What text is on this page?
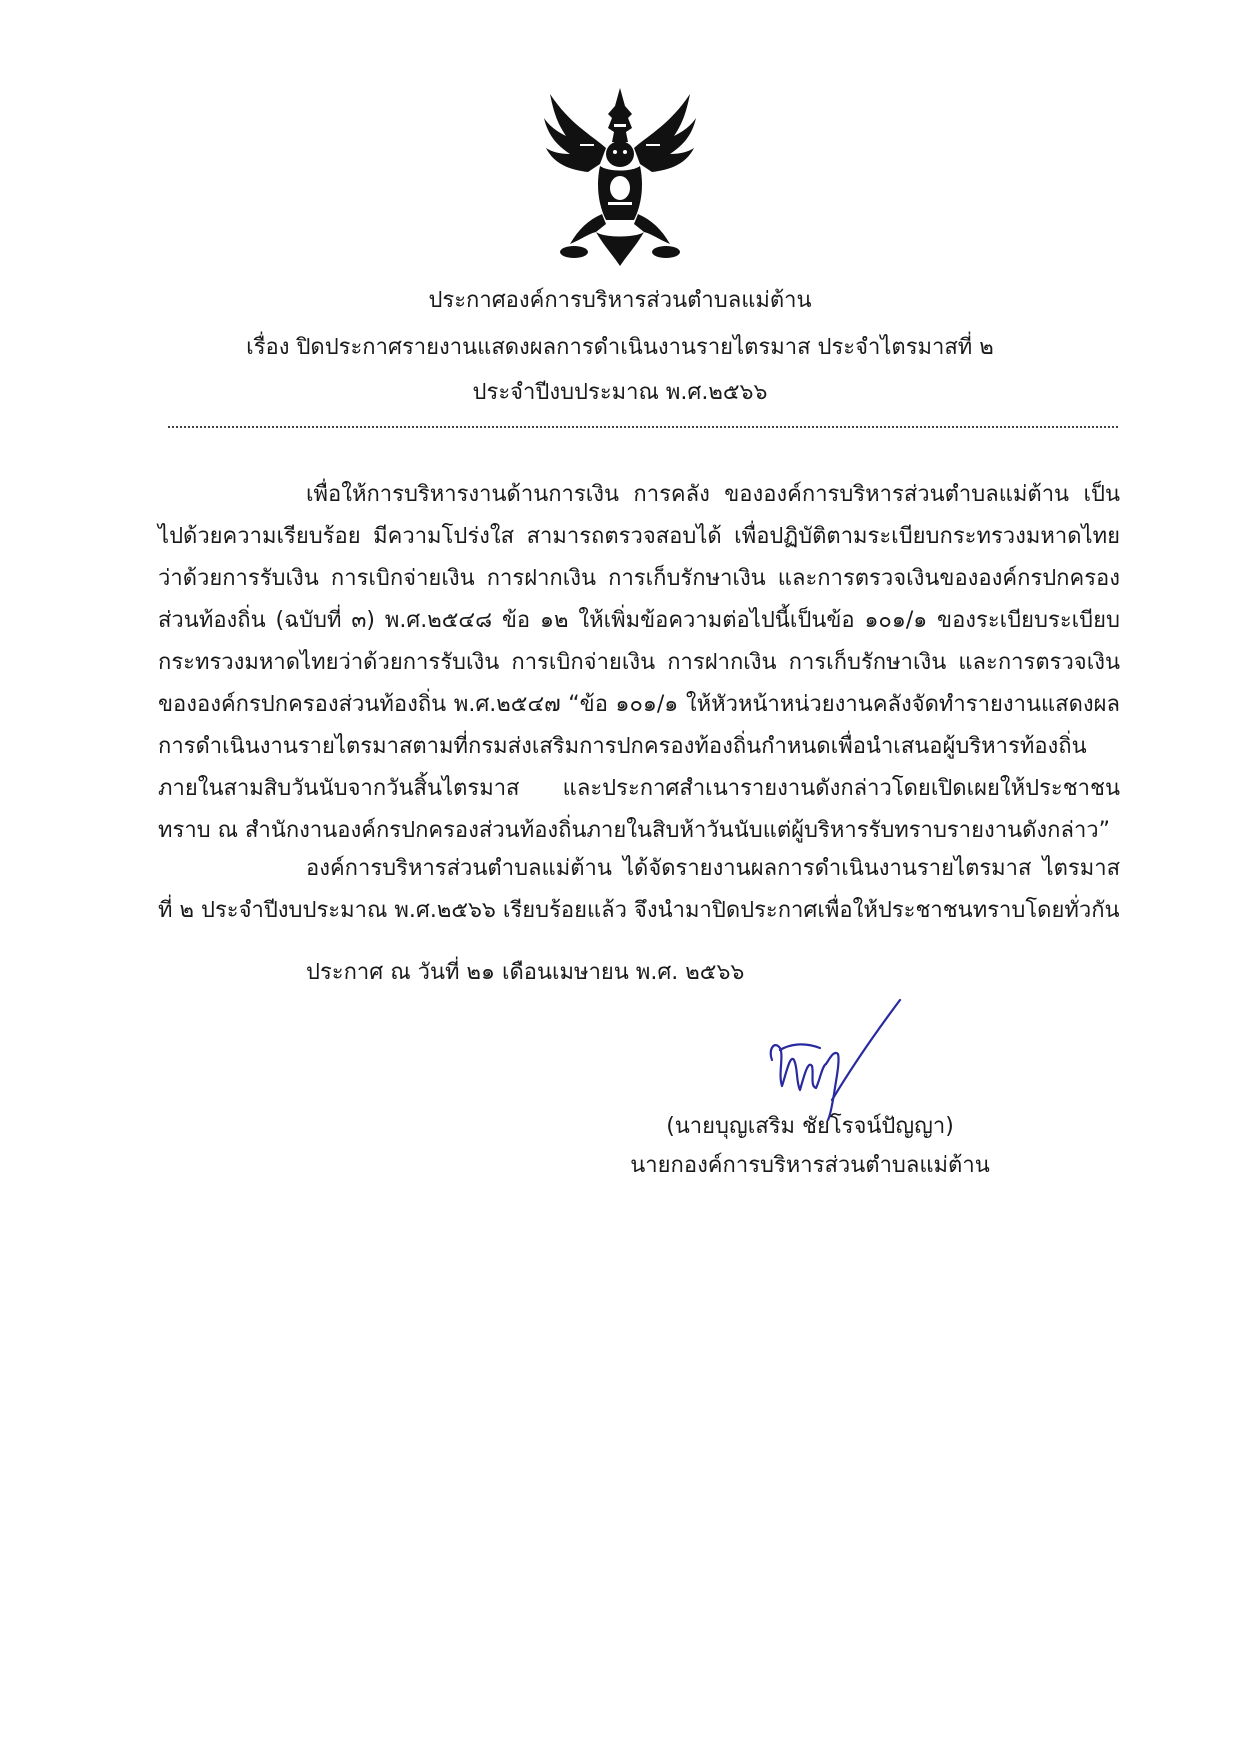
ประกาศองค์การบริหารส่วนตำบลแม่ต้าน
เรื่อง ปิดประกาศรายงานแสดงผลการดำเนินงานรายไตรมาส ประจำไตรมาสที่ ๒
ประจำปีงบประมาณ พ.ศ.๒๕๖๖

เพื่อให้การบริหารงานด้านการเงิน การคลัง ขององค์การบริหารส่วนตำบลแม่ต้าน เป็นไปด้วยความเรียบร้อย มีความโปร่งใส สามารถตรวจสอบได้ เพื่อปฏิบัติตามระเบียบกระทรวงมหาดไทยว่าด้วยการรับเงิน การเบิกจ่ายเงิน การฝากเงิน การเก็บรักษาเงิน และการตรวจเงินขององค์กรปกครองส่วนท้องถิ่น (ฉบับที่ ๓) พ.ศ.๒๕๔๘ ข้อ ๑๒ ให้เพิ่มข้อความต่อไปนี้เป็นข้อ ๑๐๑/๑ ของระเบียบระเบียบกระทรวงมหาดไทยว่าด้วยการรับเงิน การเบิกจ่ายเงิน การฝากเงิน การเก็บรักษาเงิน และการตรวจเงินขององค์กรปกครองส่วนท้องถิ่น พ.ศ.๒๕๔๗ “ข้อ ๑๐๑/๑ ให้หัวหน้าหน่วยงานคลังจัดทำรายงานแสดงผลการดำเนินงานรายไตรมาสตามที่กรมส่งเสริมการปกครองท้องถิ่นกำหนดเพื่อนำเสนอผู้บริหารท้องถิ่นภายในสามสิบวันนับจากวันสิ้นไตรมาส และประกาศสำเนารายงานดังกล่าวโดยเปิดเผยให้ประชาชนทราบ ณ สำนักงานองค์กรปกครองส่วนท้องถิ่นภายในสิบห้าวันนับแต่ผู้บริหารรับทราบรายงานดังกล่าว”

องค์การบริหารส่วนตำบลแม่ต้าน ได้จัดรายงานผลการดำเนินงานรายไตรมาส ไตรมาสที่ ๒ ประจำปีงบประมาณ พ.ศ.๒๕๖๖ เรียบร้อยแล้ว จึงนำมาปิดประกาศเพื่อให้ประชาชนทราบโดยทั่วกัน

ประกาศ ณ วันที่ ๒๑ เดือนเมษายน พ.ศ. ๒๕๖๖
(นายบุญเสริม ชัยโรจน์ปัญญา)
นายกองค์การบริหารส่วนตำบลแม่ต้าน
